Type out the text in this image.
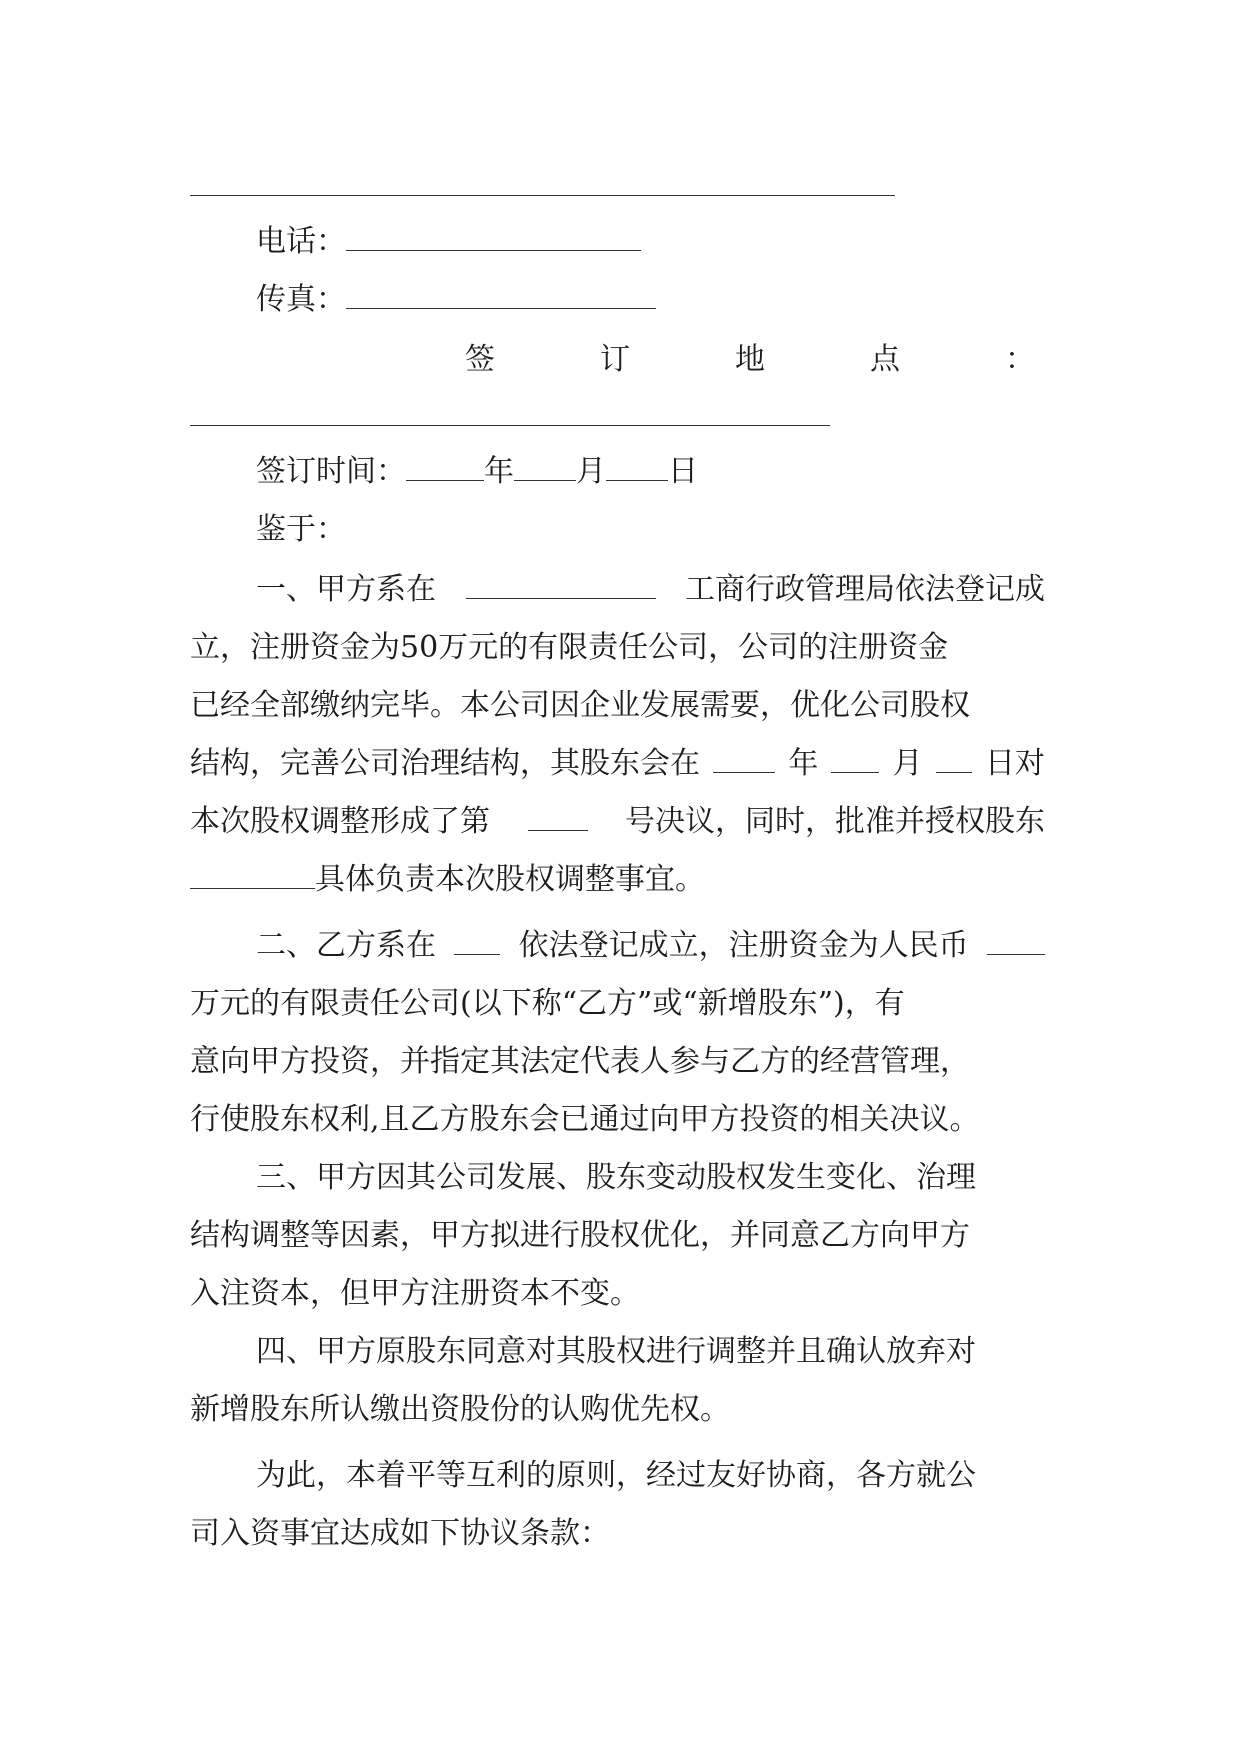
电话：
传真：
签	订	地	点	：
签订时间：	年 月 日
鉴于：
一、甲方系在	工商行政管理局依法登记成
立，注册资金为50万元的有限责任公司，公司的注册资金
已经全部缴纳完毕。本公司因企业发展需要，优化公司股权
结构，完善公司治理结构，其股东会在	年 月 日对
本次股权调整形成了第	号决议，同时，批准并授权股东
具体负责本次股权调整事宜。
二、乙方系在	依法登记成立，注册资金为人民币
万元的有限责任公司(以下称“乙方”或“新增股东”)，有
意向甲方投资，并指定其法定代表人参与乙方的经营管理，
行使股东权利,且乙方股东会已通过向甲方投资的相关决议。
三、甲方因其公司发展、股东变动股权发生变化、治理
结构调整等因素，甲方拟进行股权优化，并同意乙方向甲方
入注资本，但甲方注册资本不变。
四、甲方原股东同意对其股权进行调整并且确认放弃对
新增股东所认缴出资股份的认购优先权。
为此，本着平等互利的原则，经过友好协商，各方就公
司入资事宜达成如下协议条款：
